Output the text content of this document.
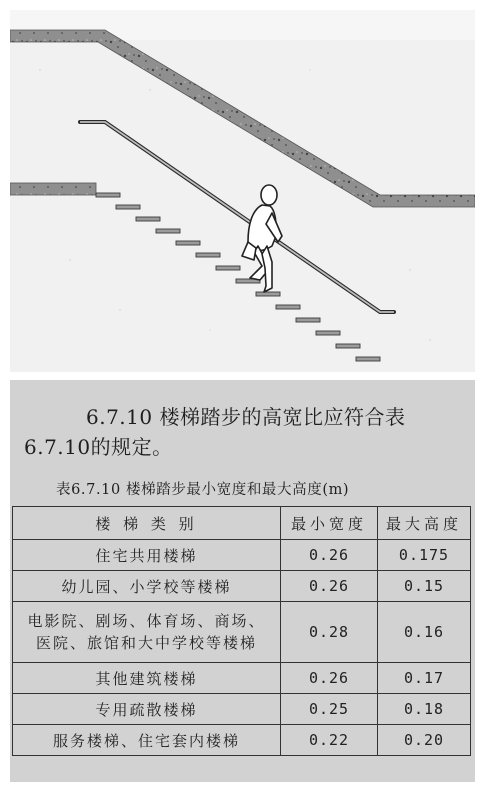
6.7.10 楼梯踏步的高宽比应符合表
6.7.10的规定。
表6.7.10 楼梯踏步最小宽度和最大高度(m)
楼 梯 类 别	最小宽度	最大高度
住宅共用楼梯	0.26	0.175
幼儿园、小学校等楼梯	0.26	0.15

电影院、剧场、体育场、商场、
医院、旅馆和大中学校等楼梯	0.28	0.16
其他建筑楼梯	0.26	0.17
专用疏散楼梯	0.25	0.18
服务楼梯、住宅套内楼梯	0.22	0.20
